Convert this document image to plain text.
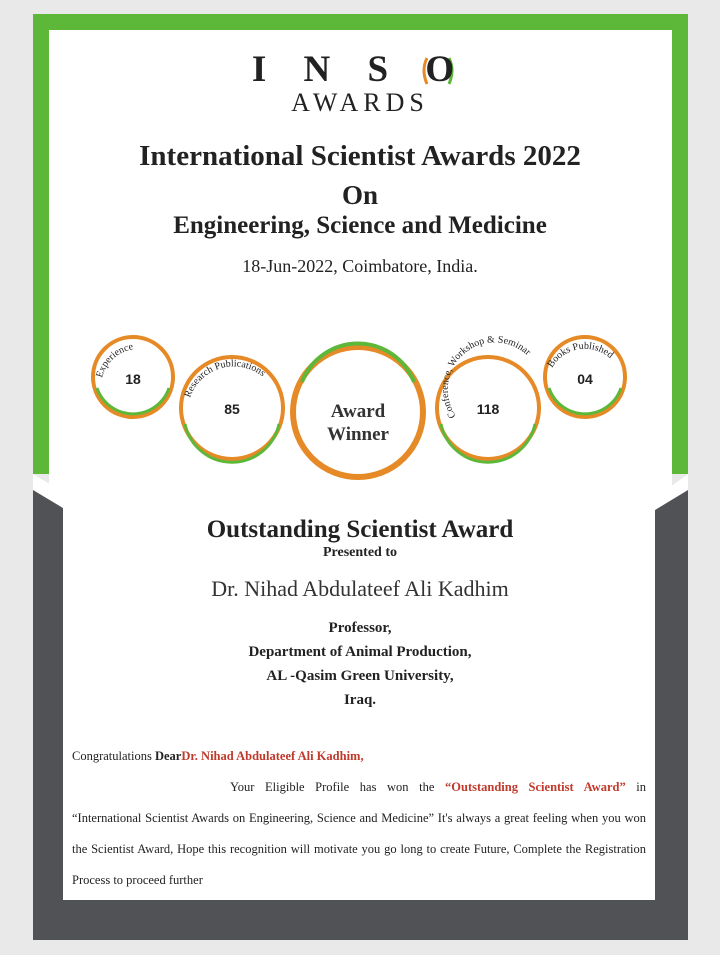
I N S O
AWARDS
International Scientist Awards 2022
On
Engineering, Science and Medicine
18-Jun-2022, Coimbatore, India.
Experience
18
Research Publications
85	Award
Winner
Conference, Workshop & Seminar
118
Books Published
04
Outstanding Scientist Award
Presented to
Dr. Nihad Abdulateef Ali Kadhim
Professor,
Department of Animal Production,
AL -Qasim Green University,
Iraq.
Congratulations DearDr. Nihad Abdulateef Ali Kadhim,
Your Eligible Profile has won the “Outstanding Scientist Award” in
“International Scientist Awards on Engineering, Science and Medicine” It's always a great feeling when you won the Scientist Award, Hope this recognition will motivate you go long to create Future, Complete the Registration Process to proceed further
